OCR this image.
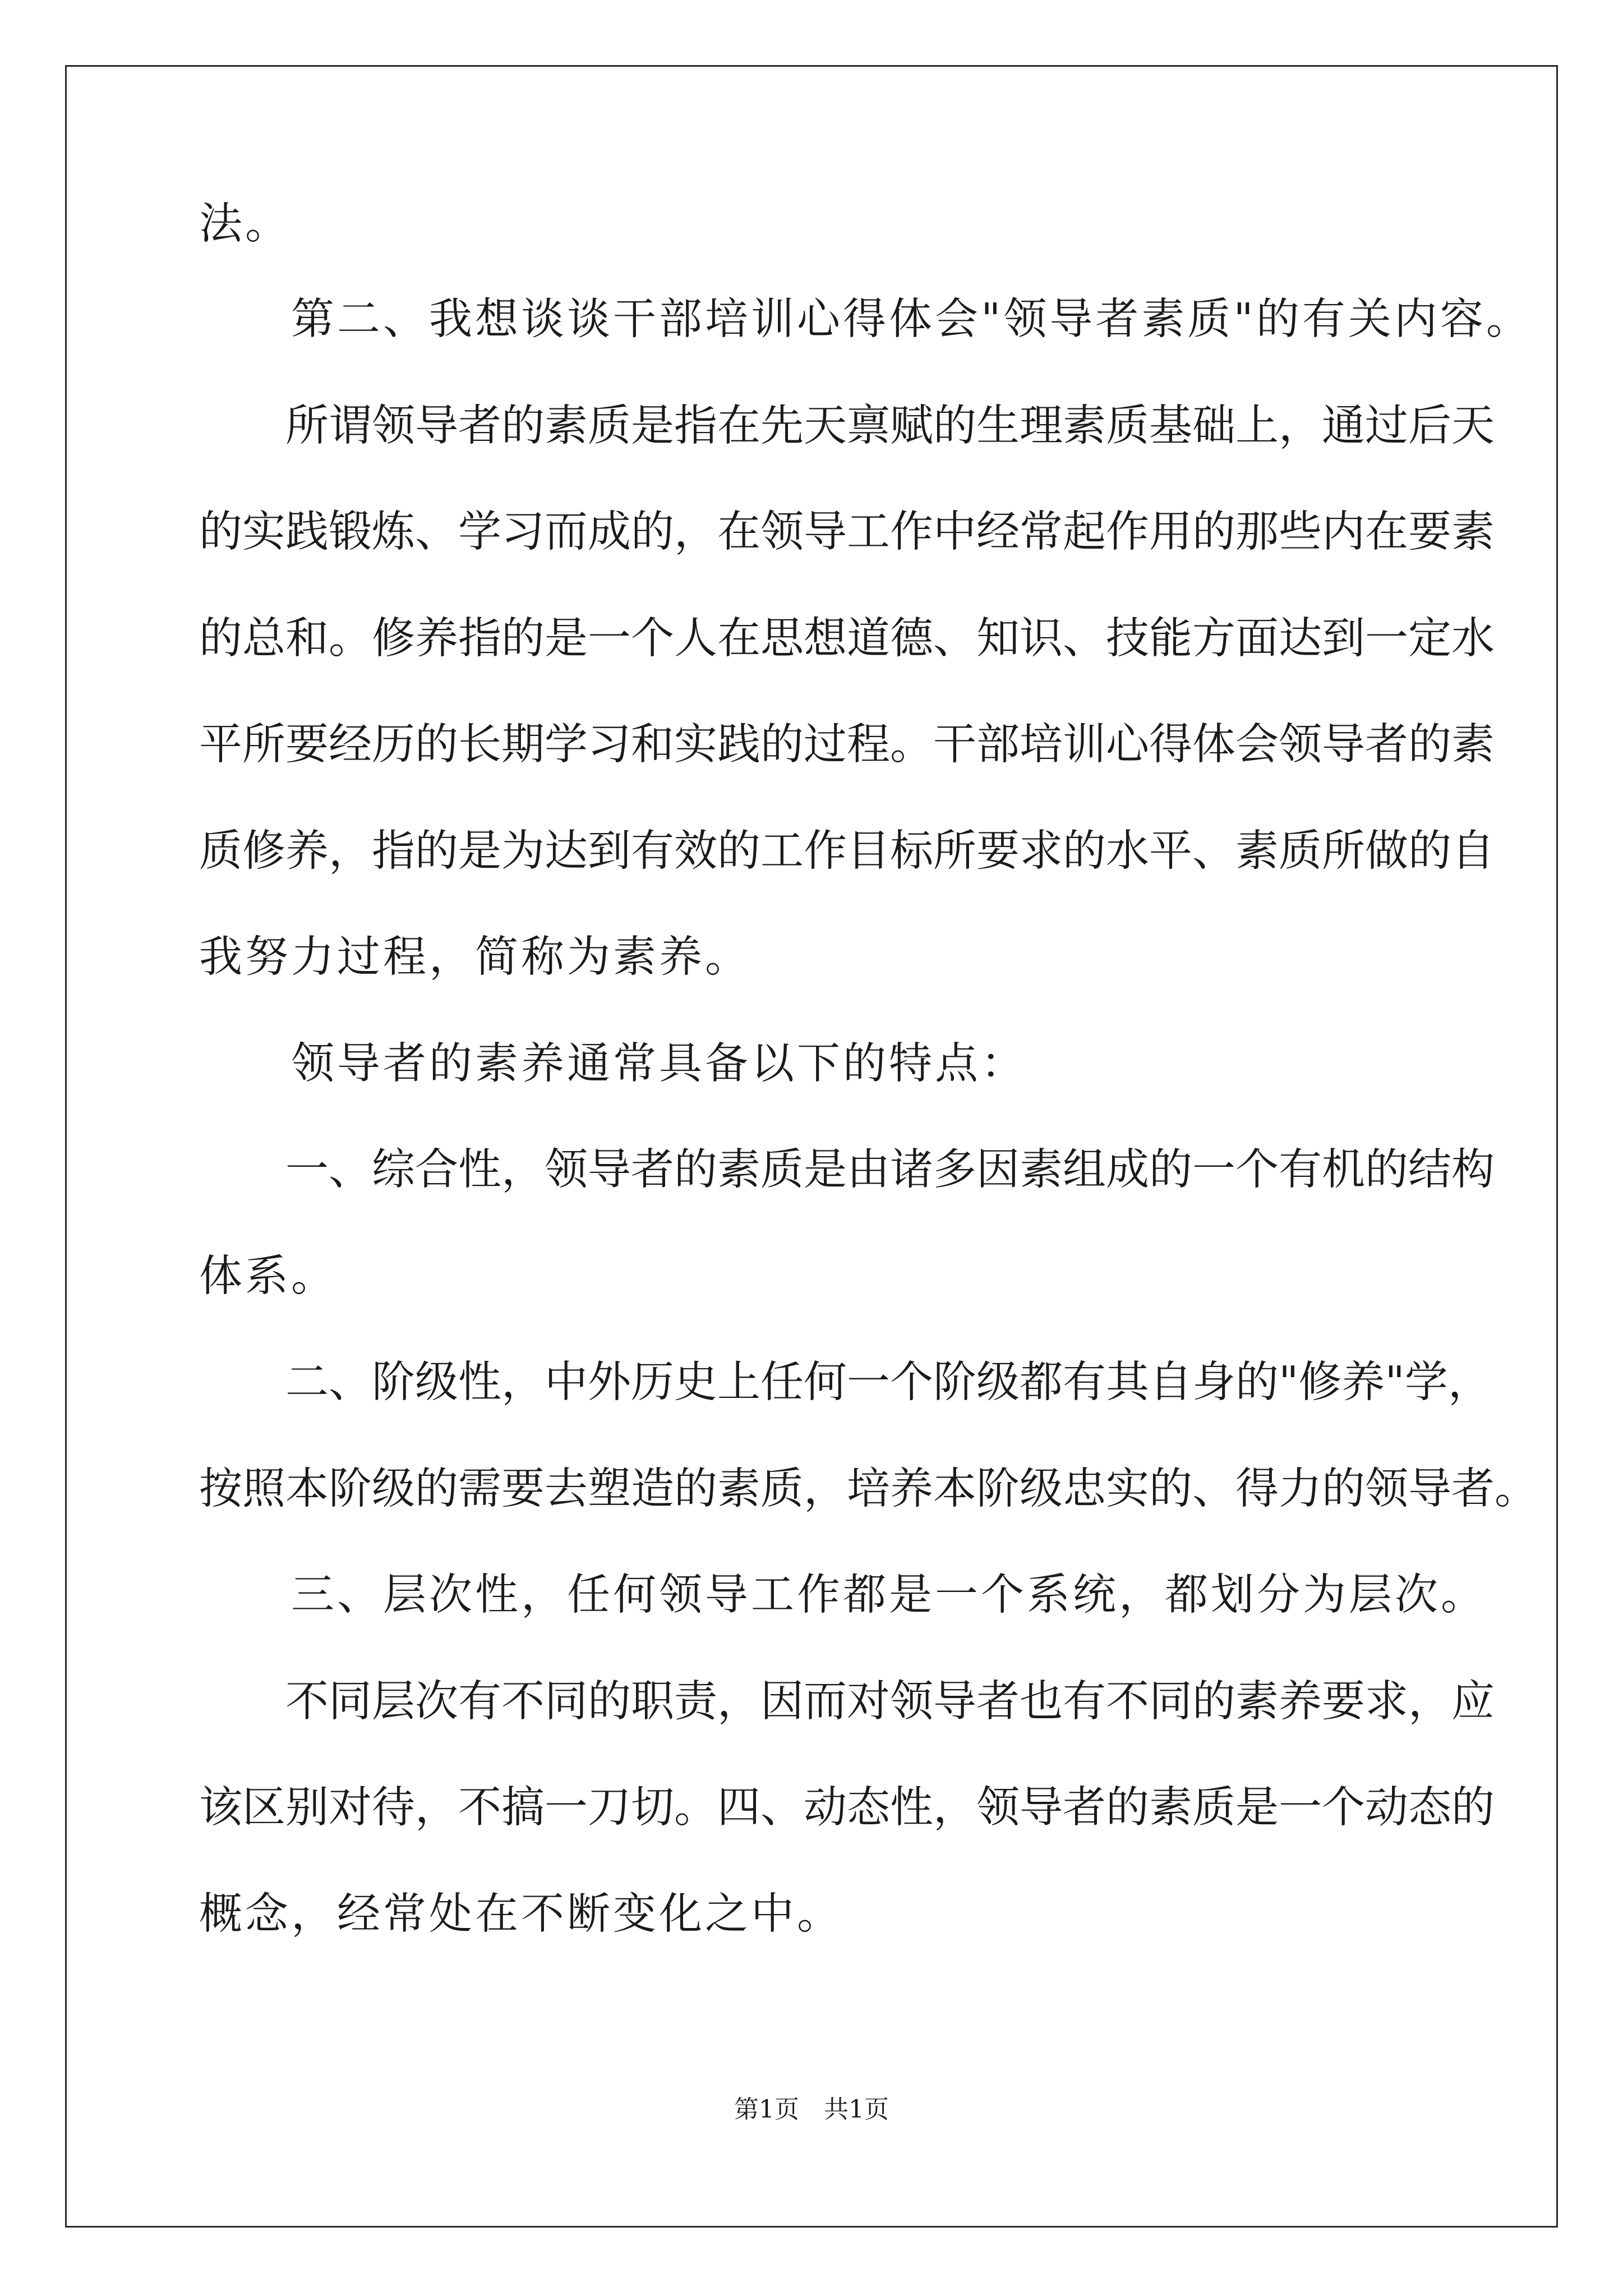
法。

　　第二、我想谈谈干部培训心得体会"领导者素质"的有关内容。

　　所谓领导者的素质是指在先天禀赋的生理素质基础上，通过后天

的实践锻炼、学习而成的，在领导工作中经常起作用的那些内在要素

的总和。修养指的是一个人在思想道德、知识、技能方面达到一定水

平所要经历的长期学习和实践的过程。干部培训心得体会领导者的素

质修养，指的是为达到有效的工作目标所要求的水平、素质所做的自

我努力过程，简称为素养。

　　领导者的素养通常具备以下的特点：

　　一、综合性，领导者的素质是由诸多因素组成的一个有机的结构

体系。

　　二、阶级性，中外历史上任何一个阶级都有其自身的"修养"学，

按照本阶级的需要去塑造的素质，培养本阶级忠实的、得力的领导者。

　　三、层次性，任何领导工作都是一个系统，都划分为层次。

　　不同层次有不同的职责，因而对领导者也有不同的素养要求，应

该区别对待，不搞一刀切。四、动态性，领导者的素质是一个动态的

概念，经常处在不断变化之中。

第1页　共1页
